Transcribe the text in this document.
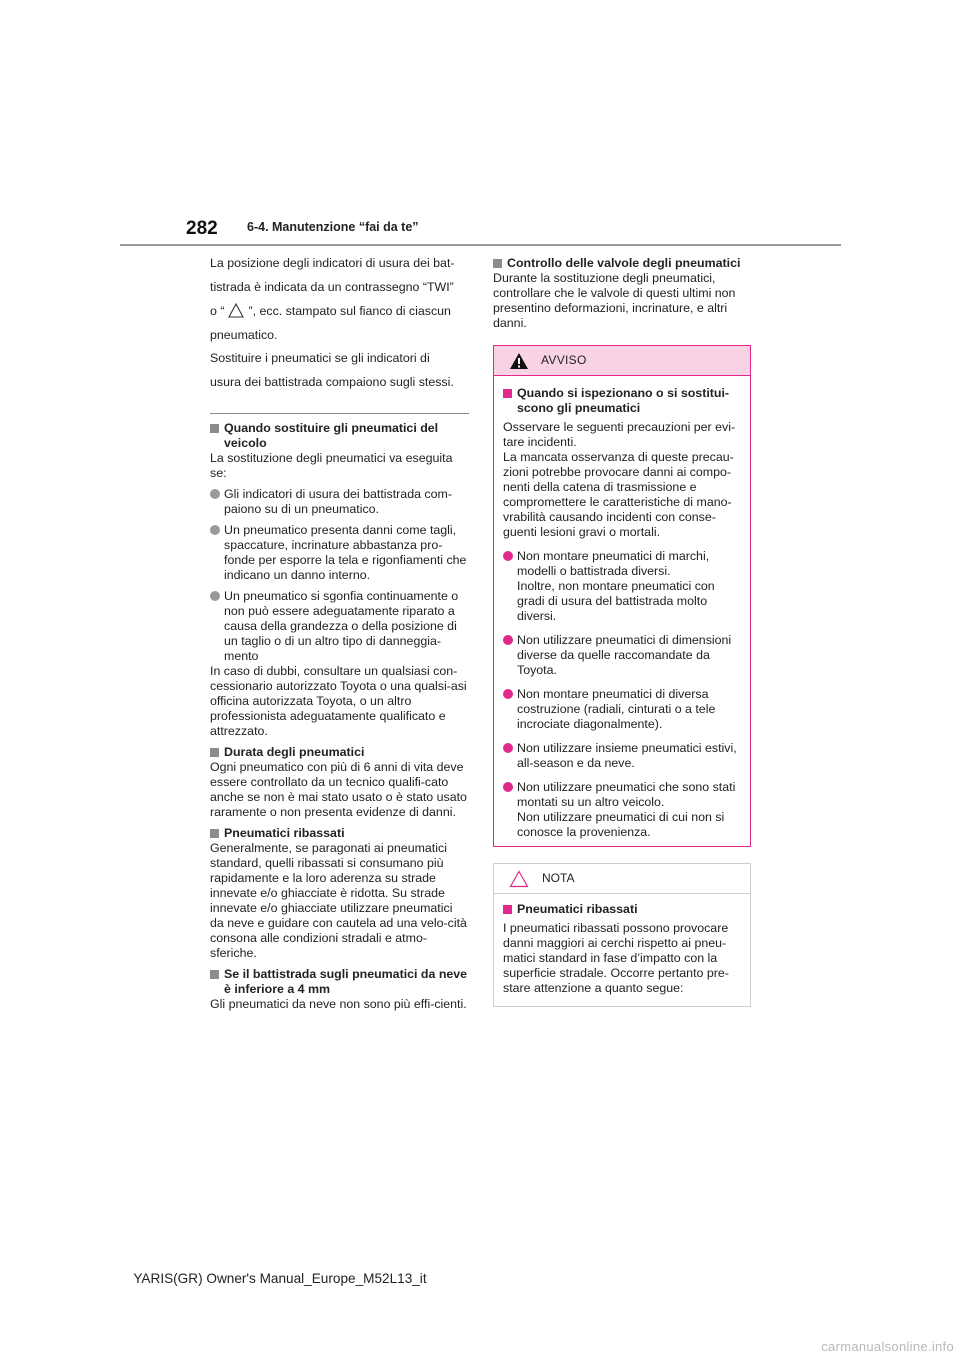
282 6-4. Manutenzione “fai da te”

La posizione degli indicatori di usura dei bat-

tistrada è indicata da un contrassegno “TWI”

o “ ”, ecc. stampato sul fianco di ciascun

pneumatico.

Sostituire i pneumatici se gli indicatori di

usura dei battistrada compaiono sugli stessi.

Quando sostituire gli pneumatici del veicolo

La sostituzione degli pneumatici va eseguita se:

Gli indicatori di usura dei battistrada com-paiono su di un pneumatico.
Un pneumatico presenta danni come tagli, spaccature, incrinature abbastanza pro-fonde per esporre la tela e rigonfiamenti che indicano un danno interno.
Un pneumatico si sgonfia continuamente o non può essere adeguatamente riparato a causa della grandezza o della posizione di un taglio o di un altro tipo di danneggia-mento

In caso di dubbi, consultare un qualsiasi con-cessionario autorizzato Toyota o una qualsi-asi officina autorizzata Toyota, o un altro professionista adeguatamente qualificato e attrezzato.

Durata degli pneumatici

Ogni pneumatico con più di 6 anni di vita deve essere controllato da un tecnico qualifi-cato anche se non è mai stato usato o è stato usato raramente o non presenta evidenze di danni.

Pneumatici ribassati

Generalmente, se paragonati ai pneumatici standard, quelli ribassati si consumano più rapidamente e la loro aderenza su strade innevate e/o ghiacciate è ridotta. Su strade innevate e/o ghiacciate utilizzare pneumatici da neve e guidare con cautela ad una velo-cità consona alle condizioni stradali e atmo-sferiche.

Se il battistrada sugli pneumatici da neve è inferiore a 4 mm

Gli pneumatici da neve non sono più effi-cienti.

Controllo delle valvole degli pneumatici

Durante la sostituzione degli pneumatici, controllare che le valvole di questi ultimi non presentino deformazioni, incrinature, e altri danni.

AVVISO
Quando si ispezionano o si sostitui-scono gli pneumatici

Osservare le seguenti precauzioni per evi-tare incidenti.

La mancata osservanza di queste precau-zioni potrebbe provocare danni ai compo-nenti della catena di trasmissione e compromettere le caratteristiche di mano-vrabilità causando incidenti con conse-guenti lesioni gravi o mortali.

Non montare pneumatici di marchi, modelli o battistrada diversi.
Inoltre, non montare pneumatici con gradi di usura del battistrada molto diversi.
Non utilizzare pneumatici di dimensioni diverse da quelle raccomandate da Toyota.
Non montare pneumatici di diversa costruzione (radiali, cinturati o a tele incrociate diagonalmente).
Non utilizzare insieme pneumatici estivi, all-season e da neve.
Non utilizzare pneumatici che sono stati montati su un altro veicolo.
Non utilizzare pneumatici di cui non si conosce la provenienza.
NOTA
Pneumatici ribassati

I pneumatici ribassati possono provocare danni maggiori ai cerchi rispetto ai pneu-matici standard in fase d’impatto con la superficie stradale. Occorre pertanto pre-stare attenzione a quanto segue:

YARIS(GR) Owner's Manual_Europe_M52L13_it
carmanualsonline.info
